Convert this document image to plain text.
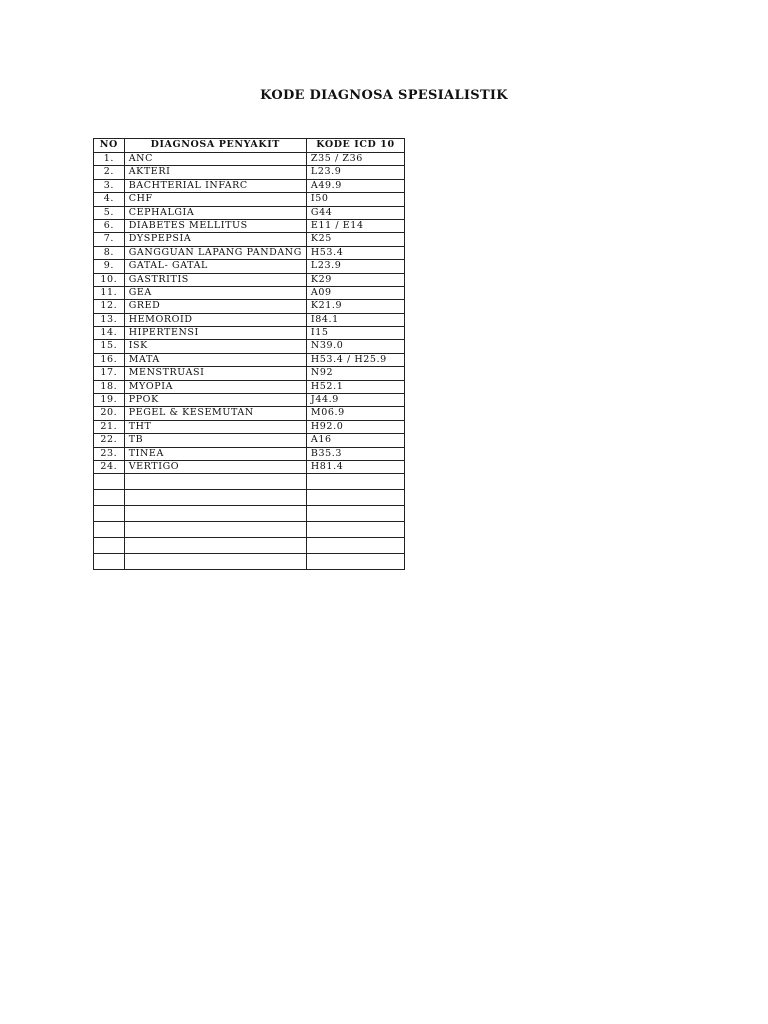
KODE DIAGNOSA SPESIALISTIK
NO	DIAGNOSA PENYAKIT	KODE ICD 10
1.	ANC	Z35 / Z36
2.	AKTERI	L23.9
3.	BACHTERIAL INFARC	A49.9
4.	CHF	I50
5.	CEPHALGIA	G44
6.	DIABETES MELLITUS	E11 / E14
7.	DYSPEPSIA	K25
8.	GANGGUAN LAPANG PANDANG	H53.4
9.	GATAL- GATAL	L23.9
10.	GASTRITIS	K29
11.	GEA	A09
12.	GRED	K21.9
13.	HEMOROID	I84.1
14.	HIPERTENSI	I15
15.	ISK	N39.0
16.	MATA	H53.4 / H25.9
17.	MENSTRUASI	N92
18.	MYOPIA	H52.1
19.	PPOK	J44.9
20.	PEGEL & KESEMUTAN	M06.9
21.	THT	H92.0
22.	TB	A16
23.	TINEA	B35.3
24.	VERTIGO	H81.4
